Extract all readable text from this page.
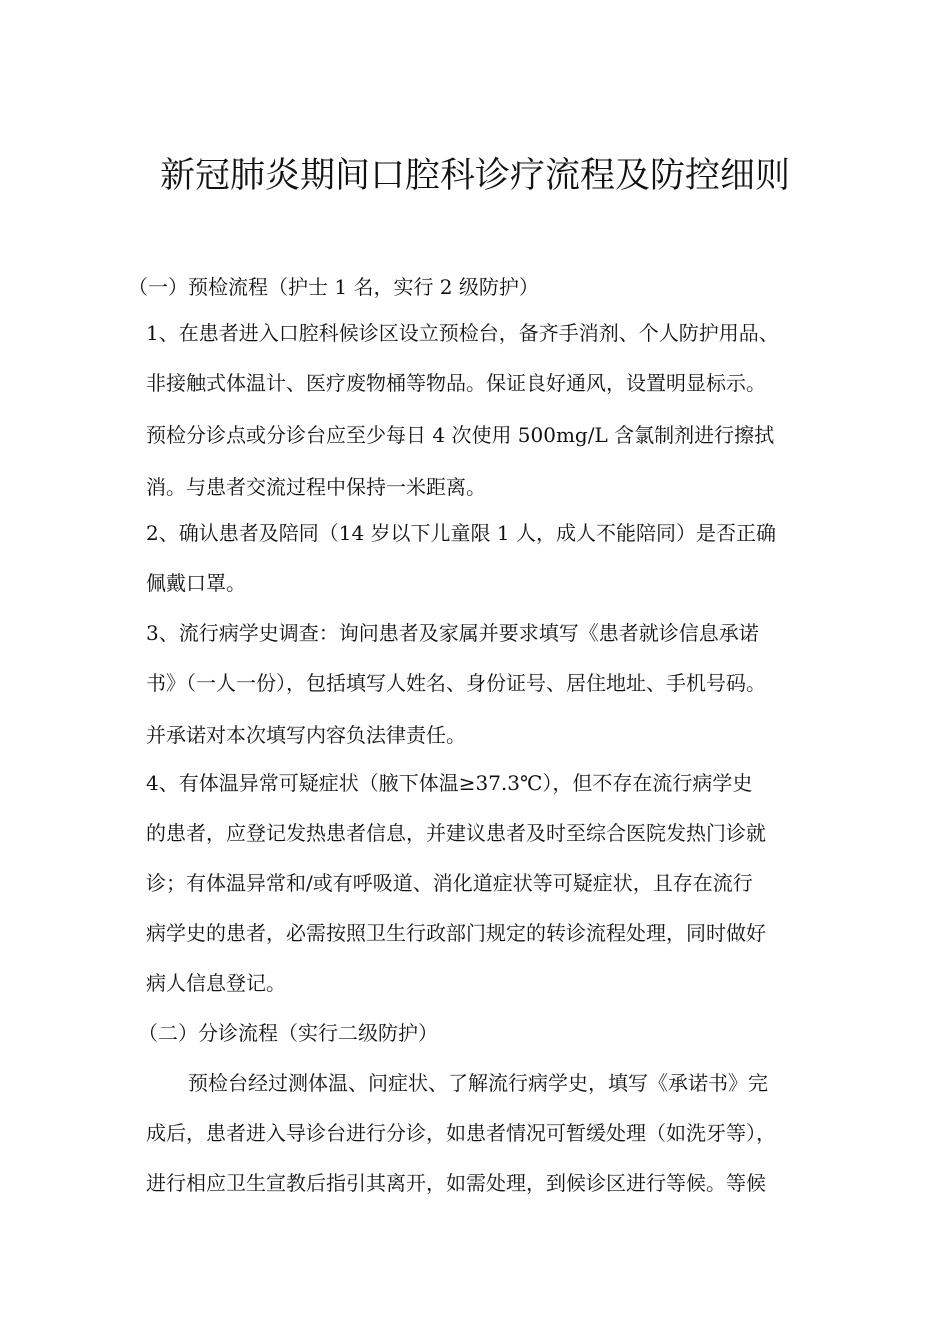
新冠肺炎期间口腔科诊疗流程及防控细则

（一）预检流程（护士 1 名，实行 2 级防护）

1、在患者进入口腔科候诊区设立预检台，备齐手消剂、个人防护用品、

非接触式体温计、医疗废物桶等物品。保证良好通风，设置明显标示。

预检分诊点或分诊台应至少每日 4 次使用 500mg/L 含氯制剂进行擦拭

消。与患者交流过程中保持一米距离。

2、确认患者及陪同（14 岁以下儿童限 1 人，成人不能陪同）是否正确

佩戴口罩。

3、流行病学史调查：询问患者及家属并要求填写《患者就诊信息承诺

书》（一人一份），包括填写人姓名、身份证号、居住地址、手机号码。

并承诺对本次填写内容负法律责任。

4、有体温异常可疑症状（腋下体温≥37.3℃），但不存在流行病学史

的患者，应登记发热患者信息，并建议患者及时至综合医院发热门诊就

诊；有体温异常和/或有呼吸道、消化道症状等可疑症状，且存在流行

病学史的患者，必需按照卫生行政部门规定的转诊流程处理，同时做好

病人信息登记。

（二）分诊流程（实行二级防护）

预检台经过测体温、问症状、了解流行病学史，填写《承诺书》完

成后，患者进入导诊台进行分诊，如患者情况可暂缓处理（如洗牙等），

进行相应卫生宣教后指引其离开，如需处理，到候诊区进行等候。等候
